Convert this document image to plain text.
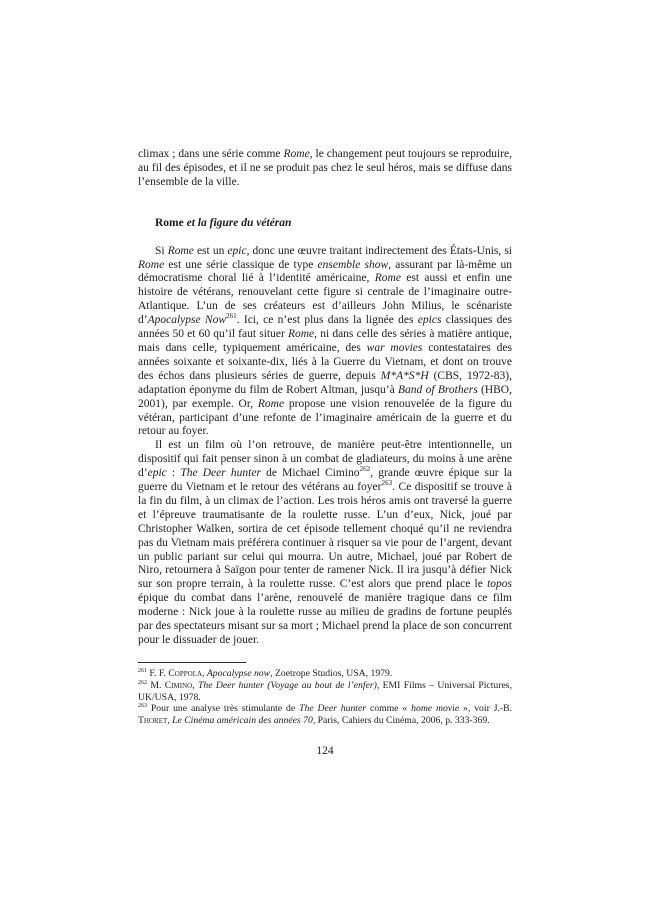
climax ; dans une série comme Rome, le changement peut toujours se reproduire, au fil des épisodes, et il ne se produit pas chez le seul héros, mais se diffuse dans l’ensemble de la ville.

Rome et la figure du vétéran

Si Rome est un epic, donc une œuvre traitant indirectement des États-Unis, si Rome est une série classique de type ensemble show, assurant par là-même un démocratisme choral lié à l’identité américaine, Rome est aussi et enfin une histoire de vétérans, renouvelant cette figure si centrale de l’imaginaire outre-Atlantique. L’un de ses créateurs est d’ailleurs John Milius, le scénariste d’Apocalypse Now$^{261}$. Ici, ce n’est plus dans la lignée des epics classiques des années 50 et 60 qu’il faut situer Rome, ni dans celle des séries à matière antique, mais dans celle, typiquement américaine, des war movies contestataires des années soixante et soixante-dix, liés à la Guerre du Vietnam, et dont on trouve des échos dans plusieurs séries de guerre, depuis M*A*S*H (CBS, 1972-83), adaptation éponyme du film de Robert Altman, jusqu’à Band of Brothers (HBO, 2001), par exemple. Or, Rome propose une vision renouvelée de la figure du vétéran, participant d’une refonte de l’imaginaire américain de la guerre et du retour au foyer.

Il est un film où l’on retrouve, de manière peut-être intentionnelle, un dispositif qui fait penser sinon à un combat de gladiateurs, du moins à une arène d’epic : The Deer hunter de Michael Cimino$^{262}$, grande œuvre épique sur la guerre du Vietnam et le retour des vétérans au foyer$^{263}$. Ce dispositif se trouve à la fin du film, à un climax de l’action. Les trois héros amis ont traversé la guerre et l’épreuve traumatisante de la roulette russe. L’un d’eux, Nick, joué par Christopher Walken, sortira de cet épisode tellement choqué qu’il ne reviendra pas du Vietnam mais préférera continuer à risquer sa vie pour de l’argent, devant un public pariant sur celui qui mourra. Un autre, Michael, joué par Robert de Niro, retournera à Saïgon pour tenter de ramener Nick. Il ira jusqu’à défier Nick sur son propre terrain, à la roulette russe. C’est alors que prend place le topos épique du combat dans l’arène, renouvelé de manière tragique dans ce film moderne : Nick joue à la roulette russe au milieu de gradins de fortune peuplés par des spectateurs misant sur sa mort ; Michael prend la place de son concurrent pour le dissuader de jouer.

$^{261}$ F. F. Coppola, Apocalypse now, Zoetrope Studios, USA, 1979.

$^{262}$ M. Cimino, The Deer hunter (Voyage au bout de l’enfer), EMI Films – Universal Pictures, UK/USA, 1978.

$^{263}$ Pour une analyse très stimulante de The Deer hunter comme « home movie », voir J.-B. Thoret, Le Cinéma américain des années 70, Paris, Cahiers du Cinéma, 2006, p. 333-369.

124
